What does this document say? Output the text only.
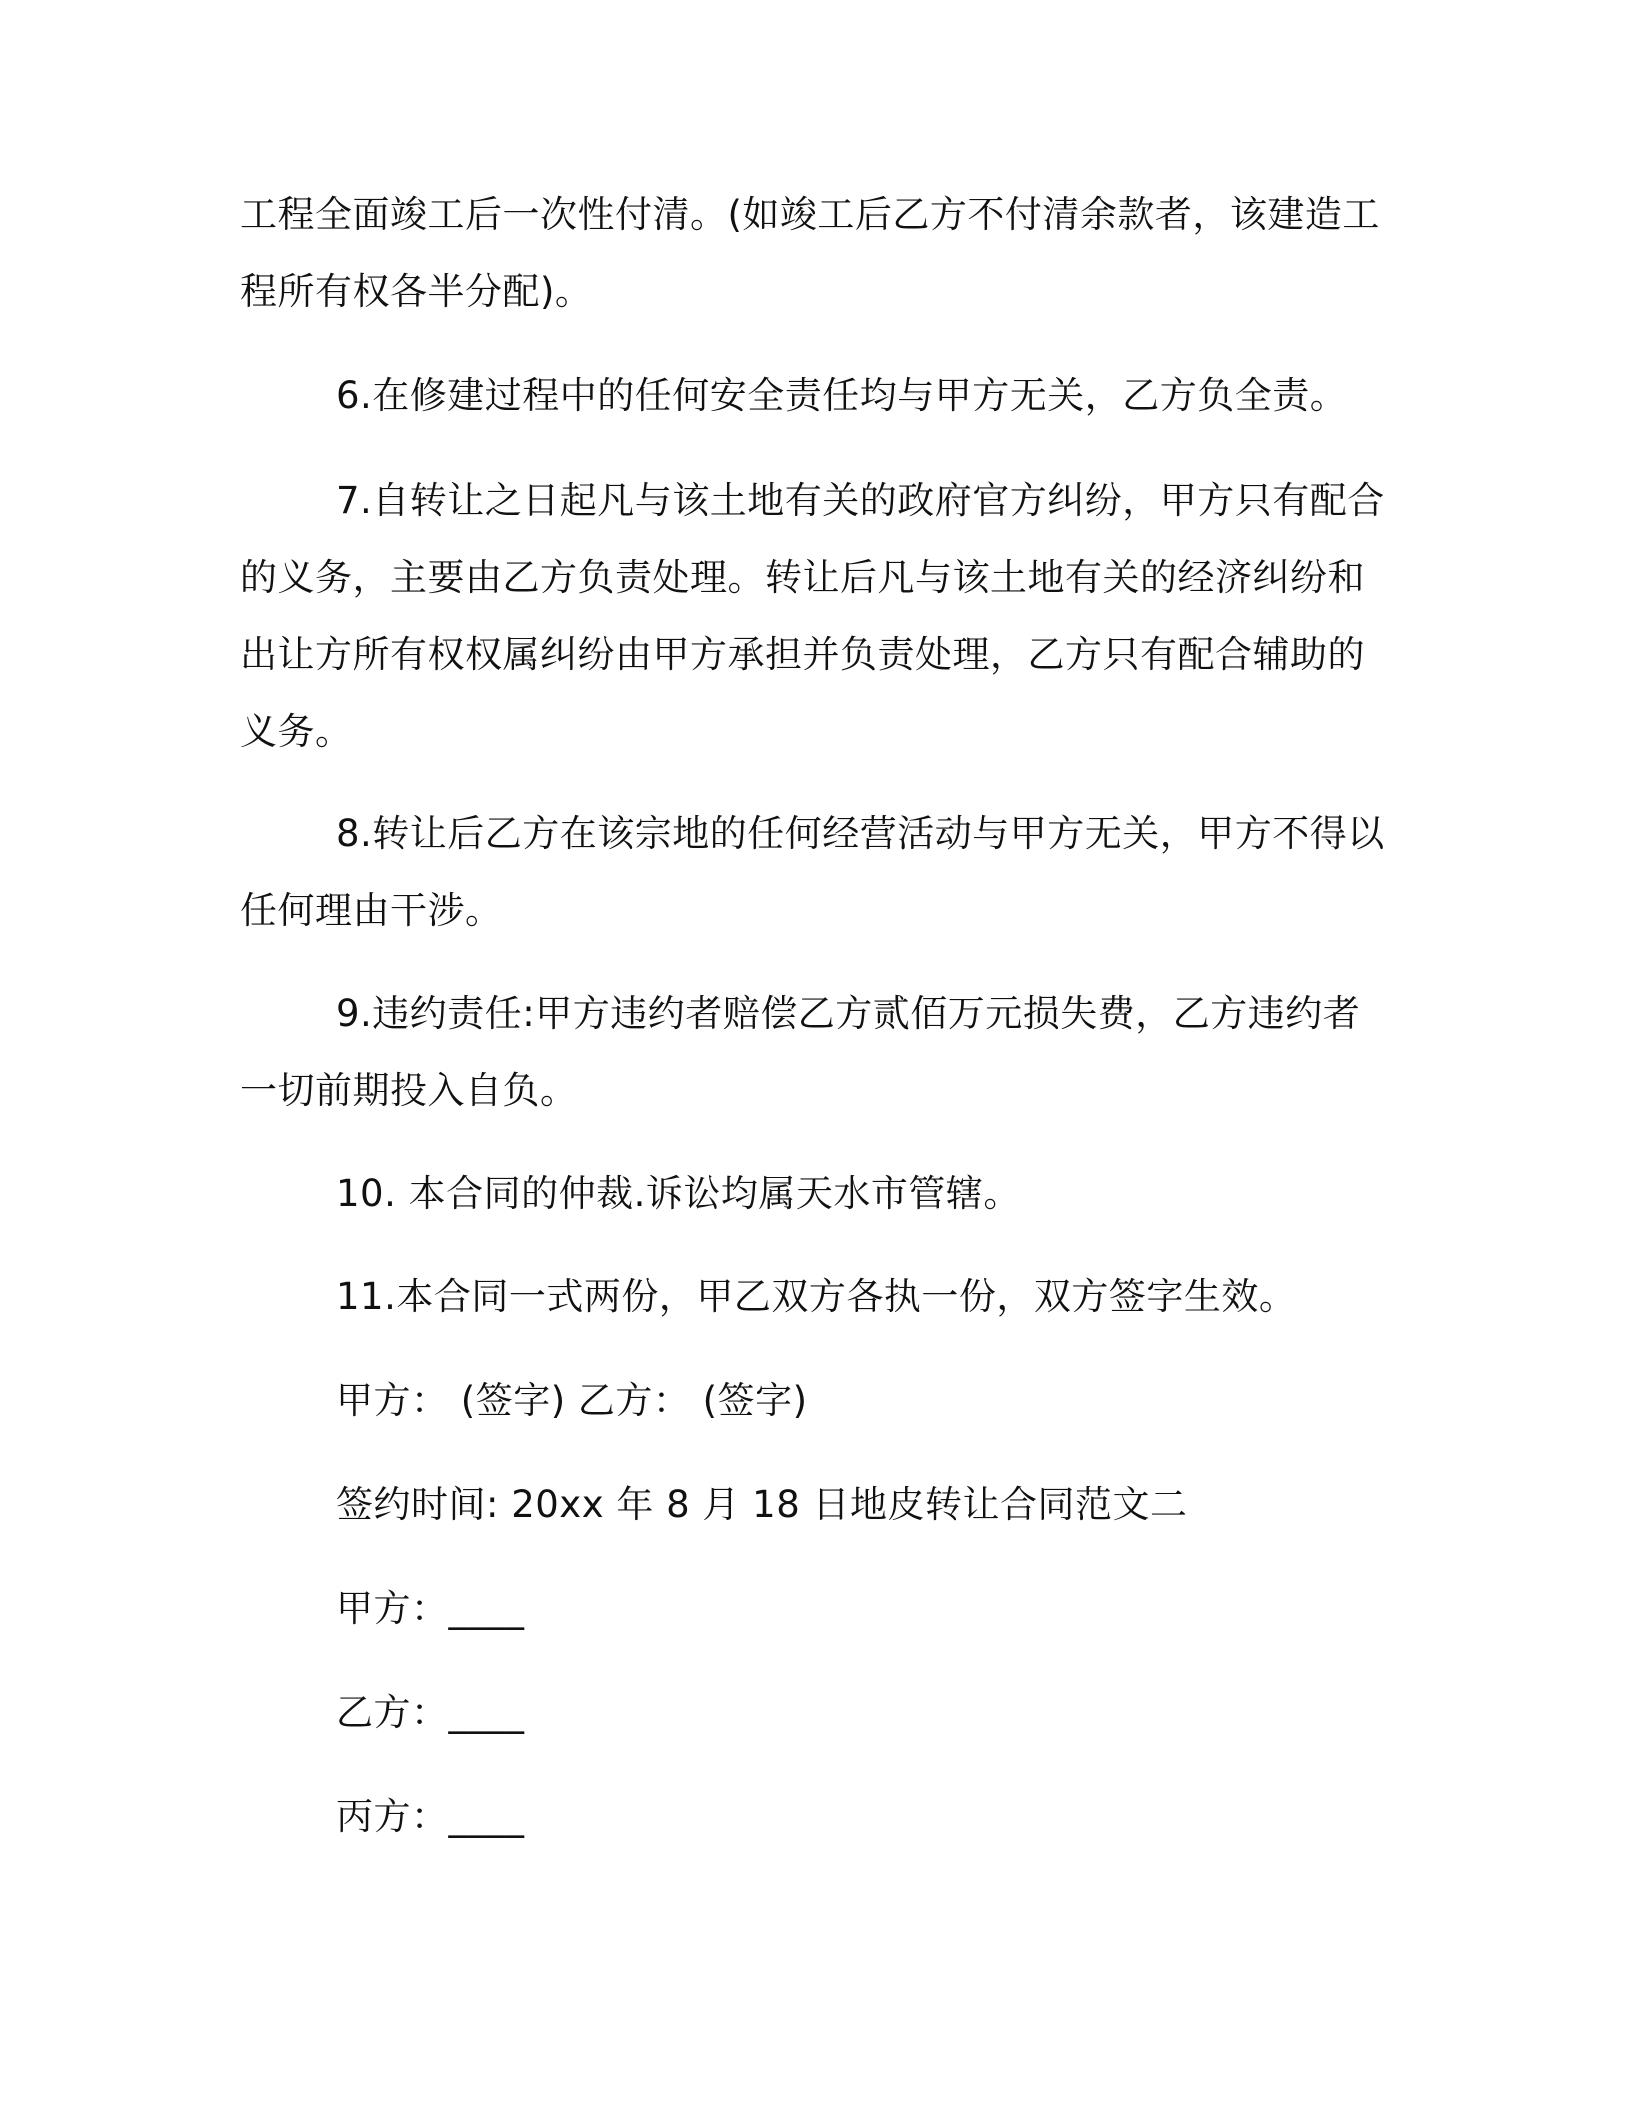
工程全面竣工后一次性付清。(如竣工后乙方不付清余款者，该建造工
程所有权各半分配)。
6.在修建过程中的任何安全责任均与甲方无关，乙方负全责。
7.自转让之日起凡与该土地有关的政府官方纠纷，甲方只有配合
的义务，主要由乙方负责处理。转让后凡与该土地有关的经济纠纷和
出让方所有权权属纠纷由甲方承担并负责处理，乙方只有配合辅助的
义务。
8.转让后乙方在该宗地的任何经营活动与甲方无关，甲方不得以
任何理由干涉。
9.违约责任:甲方违约者赔偿乙方贰佰万元损失费，乙方违约者
一切前期投入自负。
10. 本合同的仲裁.诉讼均属天水市管辖。
11.本合同一式两份，甲乙双方各执一份，双方签字生效。
甲方： (签字) 乙方： (签字)
签约时间: 20xx 年 8 月 18 日地皮转让合同范文二
甲方：____
乙方：____
丙方：____
